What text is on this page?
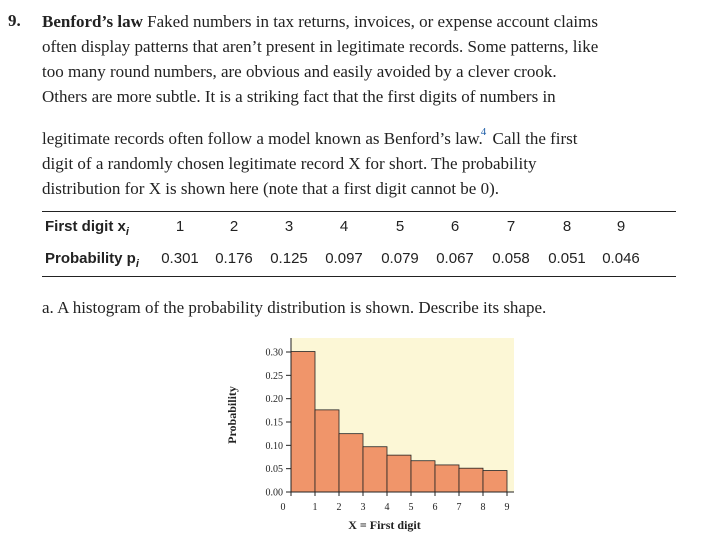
9. Benford’s law Faked numbers in tax returns, invoices, or expense account claims
often display patterns that aren’t present in legitimate records. Some patterns, like
too many round numbers, are obvious and easily avoided by a clever crook.
Others are more subtle. It is a striking fact that the first digits of numbers in

legitimate records often follow a model known as Benford’s law.$^4$ Call the first
digit of a randomly chosen legitimate record X for short. The probability
distribution for X is shown here (note that a first digit cannot be 0).

First digit $x_i$	1	2	3	4	5	6	7	8	9
Probability $p_i$	0.301	0.176	0.125	0.097	0.079	0.067	0.058	0.051	0.046
a. A histogram of the probability distribution is shown. Describe its shape.
0.00
0.05
0.10
0.15
0.20
0.25
0.30
0	1 2 3 4 5 6 7 8 9
X = First digit
Probability
